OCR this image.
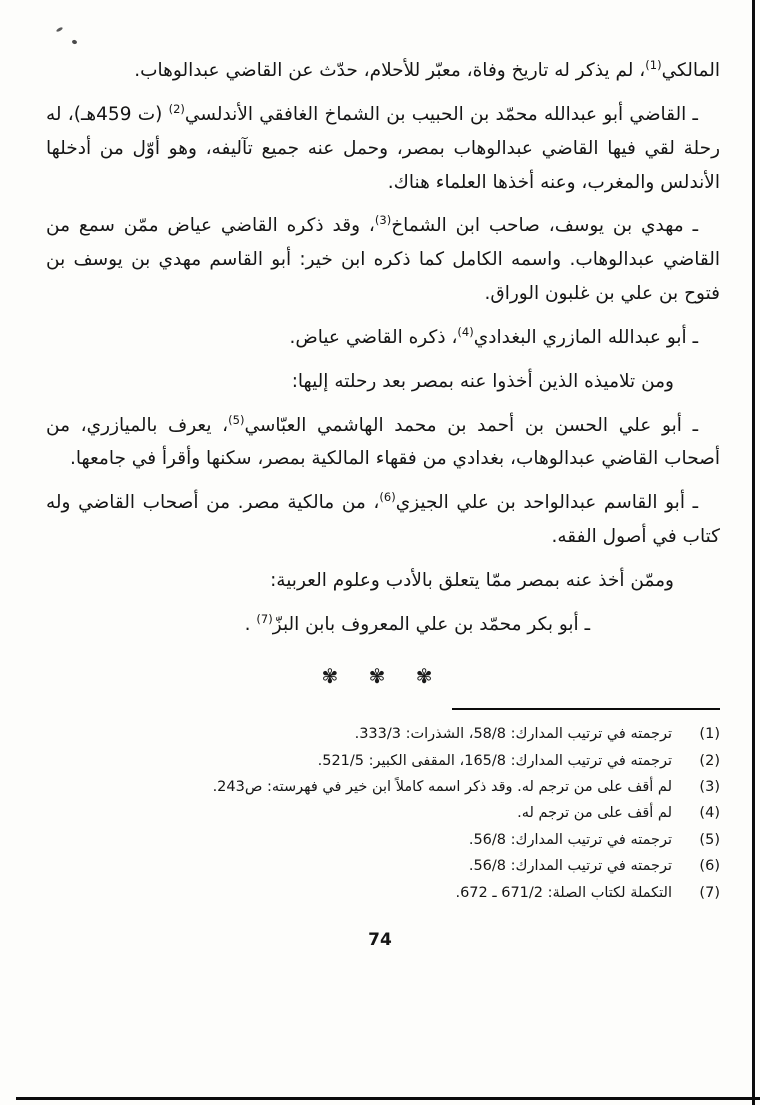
المالكي$^{(1)}$، لم يذكر له تاريخ وفاة، معبّر للأحلام، حدّث عن القاضي عبدالوهاب.

ـ القاضي أبو عبدالله محمّد بن الحبيب بن الشماخ الغافقي الأندلسي$^{(2)}$ (ت 459هـ)، له رحلة لقي فيها القاضي عبدالوهاب بمصر، وحمل عنه جميع تآليفه، وهو أوّل من أدخلها الأندلس والمغرب، وعنه أخذها العلماء هناك.

ـ مهدي بن يوسف، صاحب ابن الشماخ$^{(3)}$، وقد ذكره القاضي عياض ممّن سمع من القاضي عبدالوهاب. واسمه الكامل كما ذكره ابن خير: أبو القاسم مهدي بن يوسف بن فتوح بن علي بن غلبون الوراق.

ـ أبو عبدالله المازري البغدادي$^{(4)}$، ذكره القاضي عياض.

ومن تلاميذه الذين أخذوا عنه بمصر بعد رحلته إليها:

ـ أبو علي الحسن بن أحمد بن محمد الهاشمي العبّاسي$^{(5)}$، يعرف بالميازري، من أصحاب القاضي عبدالوهاب، بغدادي من فقهاء المالكية بمصر، سكنها وأقرأ في جامعها.

ـ أبو القاسم عبدالواحد بن علي الجيزي$^{(6)}$، من مالكية مصر. من أصحاب القاضي وله كتاب في أصول الفقه.

وممّن أخذ عنه بمصر ممّا يتعلق بالأدب وعلوم العربية:

ـ أبو بكر محمّد بن علي المعروف بابن البزّ$^{(7)}$ .

✾ ✾ ✾
(1)
ترجمته في ترتيب المدارك: 58/8، الشذرات: 333/3.
(2)
ترجمته في ترتيب المدارك: 165/8، المقفى الكبير: 521/5.
(3)
لم أقف على من ترجم له. وقد ذكر اسمه كاملاً ابن خير في فهرسته: ص243.
(4)
لم أقف على من ترجم له.
(5)
ترجمته في ترتيب المدارك: 56/8.
(6)
ترجمته في ترتيب المدارك: 56/8.
(7)
التكملة لكتاب الصلة: 671/2 ـ 672.
74
